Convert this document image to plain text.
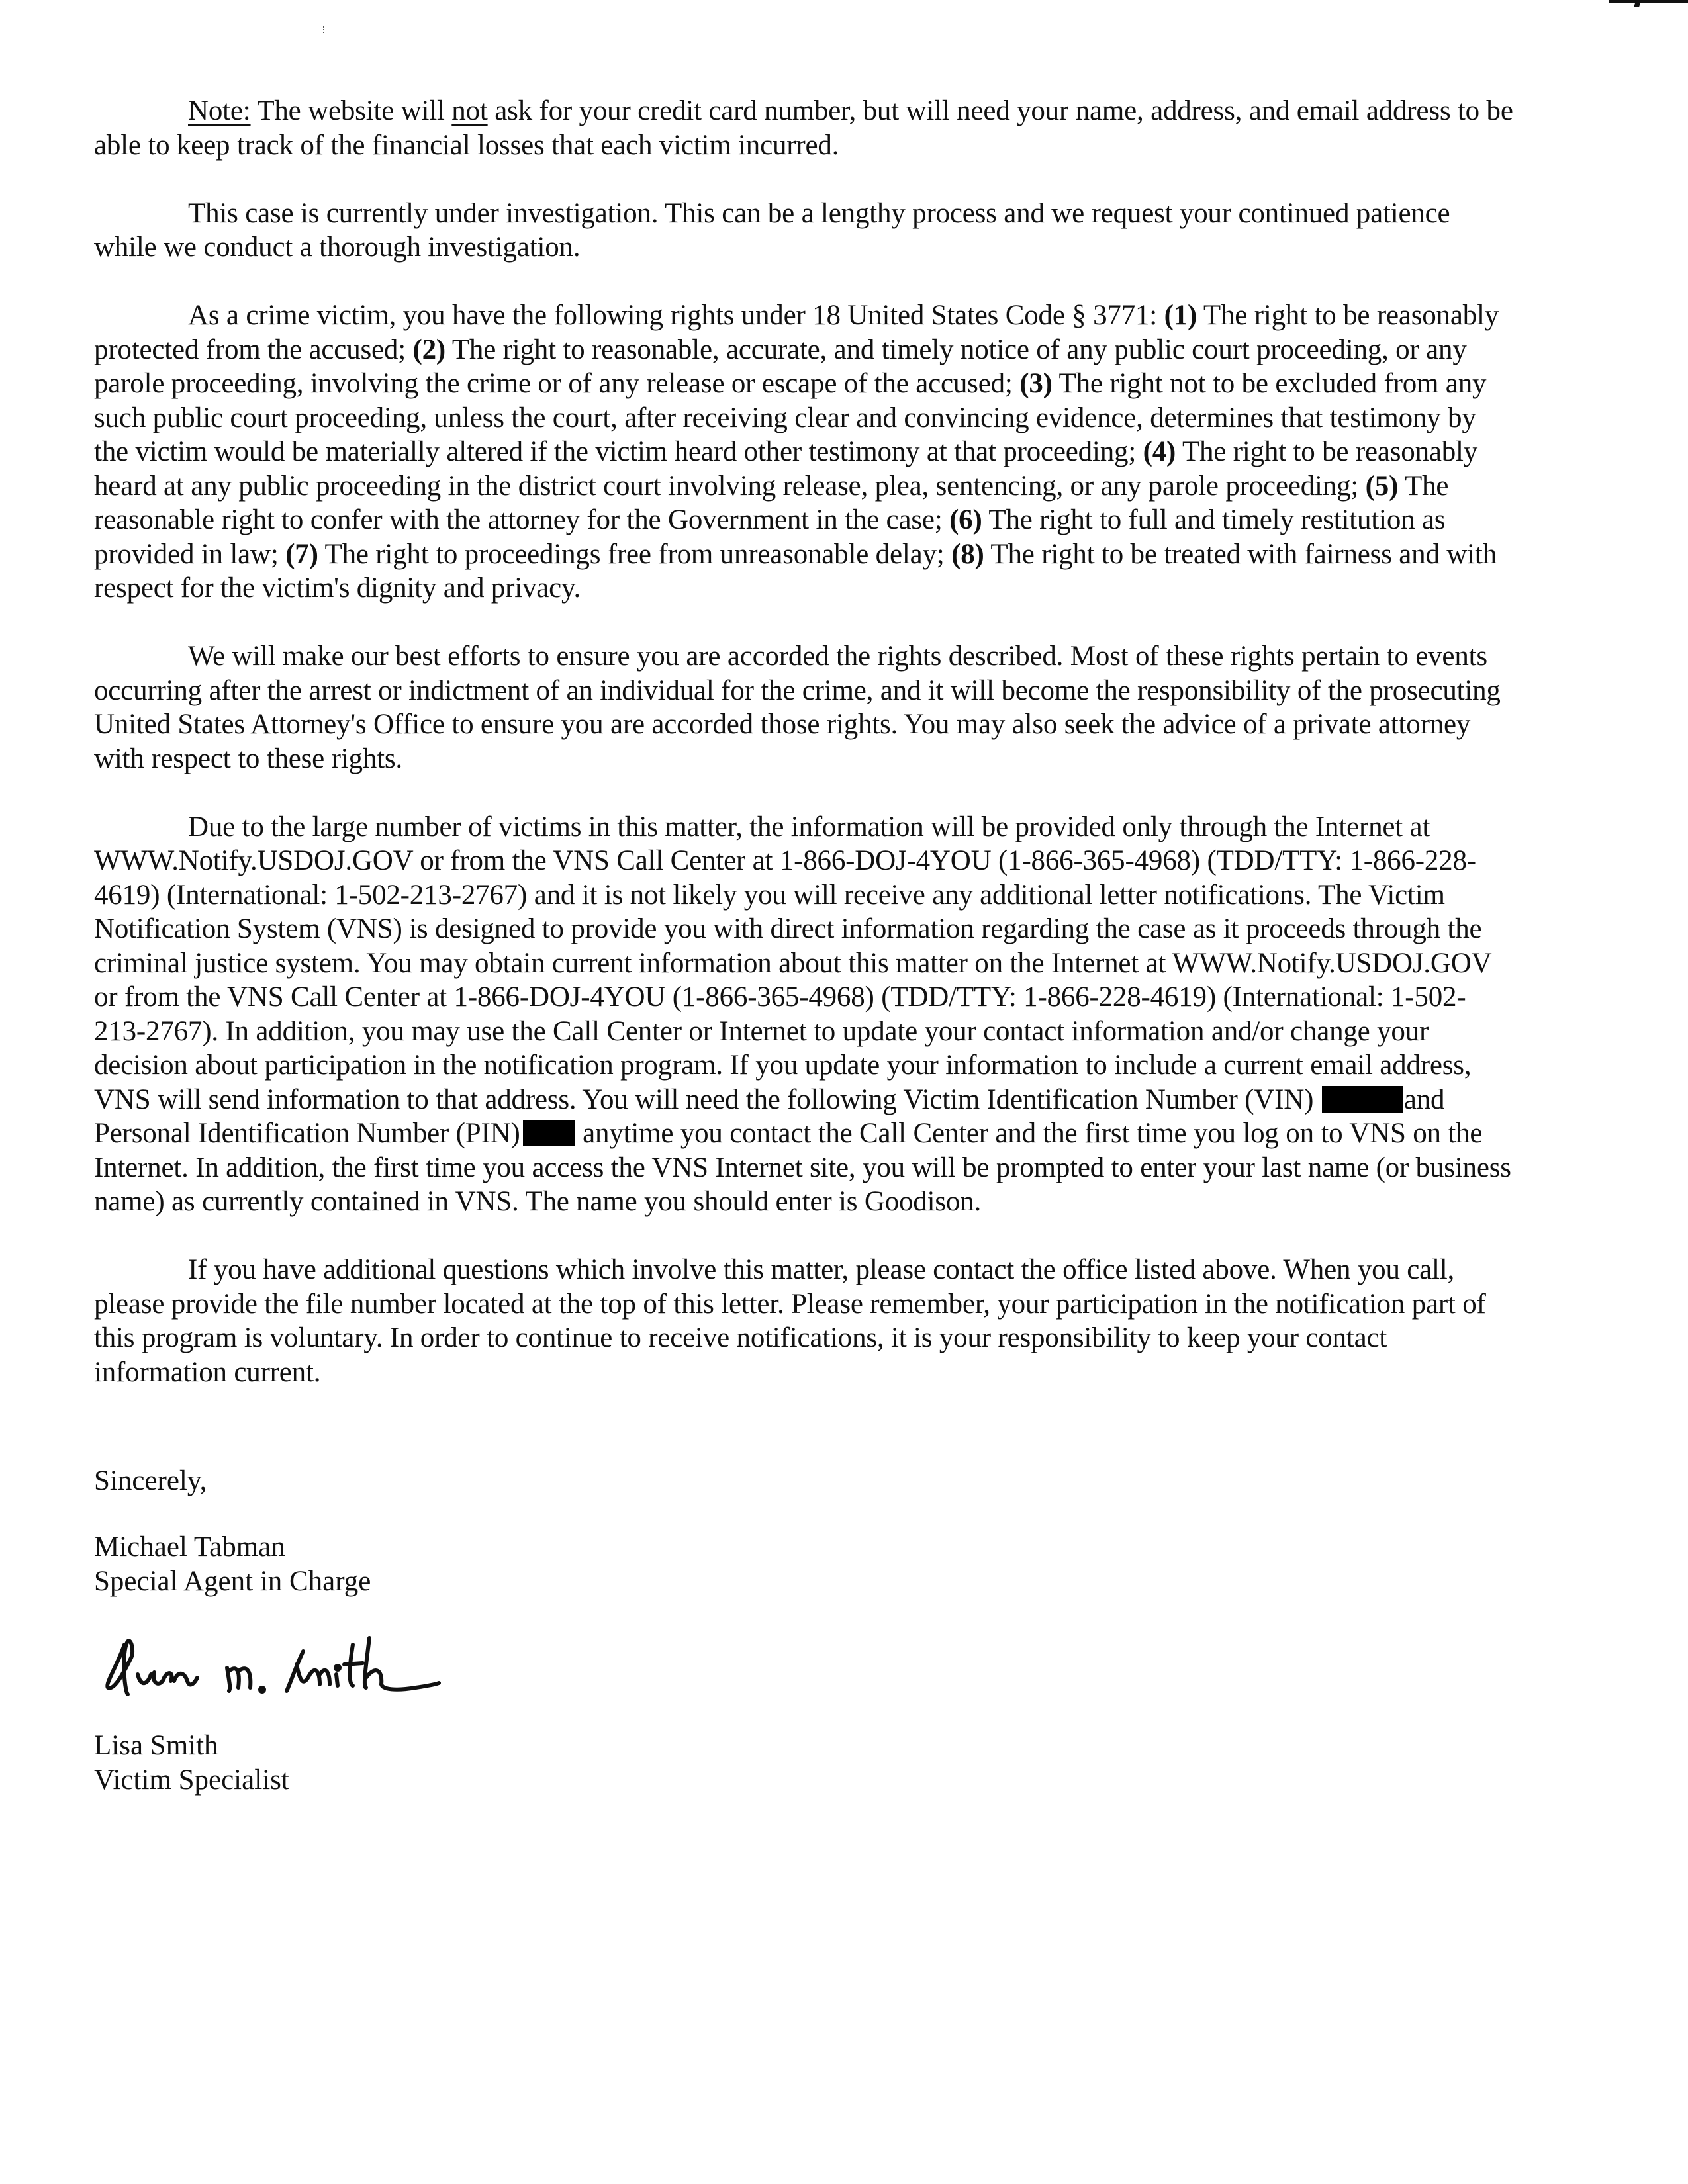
Note: The website will not ask for your credit card number, but will need your name, address, and email address to be able to keep track of the financial losses that each victim incurred.

This case is currently under investigation. This can be a lengthy process and we request your continued patience while we conduct a thorough investigation.

As a crime victim, you have the following rights under 18 United States Code § 3771: (1) The right to be reasonably protected from the accused; (2) The right to reasonable, accurate, and timely notice of any public court proceeding, or any parole proceeding, involving the crime or of any release or escape of the accused; (3) The right not to be excluded from any such public court proceeding, unless the court, after receiving clear and convincing evidence, determines that testimony by the victim would be materially altered if the victim heard other testimony at that proceeding; (4) The right to be reasonably heard at any public proceeding in the district court involving release, plea, sentencing, or any parole proceeding; (5) The reasonable right to confer with the attorney for the Government in the case; (6) The right to full and timely restitution as provided in law; (7) The right to proceedings free from unreasonable delay; (8) The right to be treated with fairness and with respect for the victim's dignity and privacy.

We will make our best efforts to ensure you are accorded the rights described. Most of these rights pertain to events occurring after the arrest or indictment of an individual for the crime, and it will become the responsibility of the prosecuting United States Attorney's Office to ensure you are accorded those rights. You may also seek the advice of a private attorney with respect to these rights.

Due to the large number of victims in this matter, the information will be provided only through the Internet at WWW.Notify.USDOJ.GOV or from the VNS Call Center at 1-866-DOJ-4YOU (1-866-365-4968) (TDD/TTY: 1-866-228-4619) (International: 1-502-213-2767) and it is not likely you will receive any additional letter notifications. The Victim Notification System (VNS) is designed to provide you with direct information regarding the case as it proceeds through the criminal justice system. You may obtain current information about this matter on the Internet at WWW.Notify.USDOJ.GOV or from the VNS Call Center at 1-866-DOJ-4YOU (1-866-365-4968) (TDD/TTY: 1-866-228-4619) (International: 1-502-213-2767). In addition, you may use the Call Center or Internet to update your contact information and/or change your decision about participation in the notification program. If you update your information to include a current email address, VNS will send information to that address. You will need the following Victim Identification Number (VIN)	and Personal Identification Number (PIN) anytime you contact the Call Center and the first time you log on to VNS on the Internet. In addition, the first time you access the VNS Internet site, you will be prompted to enter your last name (or business name) as currently contained in VNS. The name you should enter is Goodison.

If you have additional questions which involve this matter, please contact the office listed above. When you call, please provide the file number located at the top of this letter. Please remember, your participation in the notification part of this program is voluntary. In order to continue to receive notifications, it is your responsibility to keep your contact information current.

Sincerely,
Michael Tabman
Special Agent in Charge
Lisa Smith
Victim Specialist
